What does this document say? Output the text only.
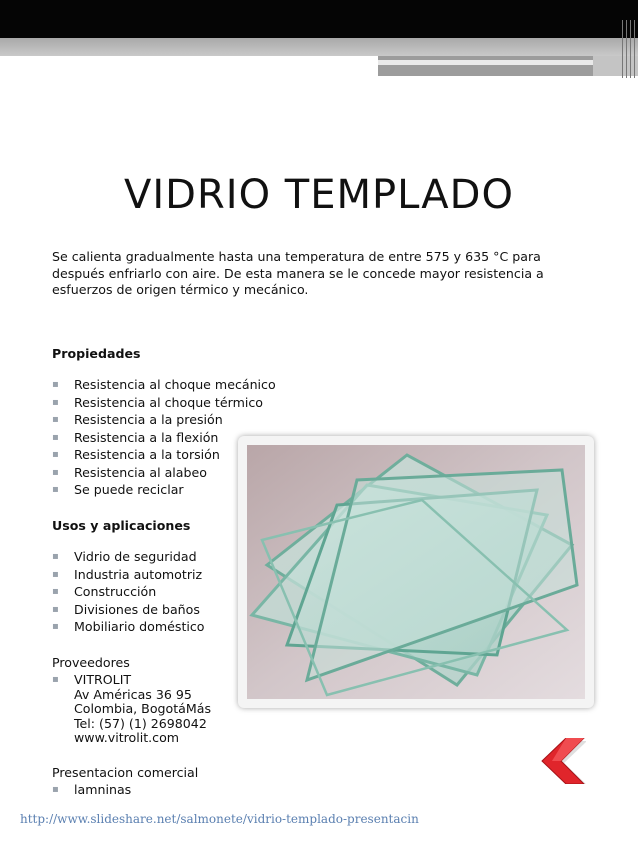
VIDRIO TEMPLADO
Se calienta gradualmente hasta una temperatura de entre 575 y 635 °C para después enfriarlo con aire. De esta manera se le concede mayor resistencia a esfuerzos de origen térmico y mecánico.
Propiedades
▪ Resistencia al choque mecánico
▪ Resistencia al choque térmico
▪ Resistencia a la presión
▪ Resistencia a la flexión
▪ Resistencia a la torsión
▪ Resistencia al alabeo
▪ Se puede reciclar
Usos y aplicaciones
▪ Vidrio de seguridad
▪ Industria automotriz
▪ Construcción
▪ Divisiones de baños
▪ Mobiliario doméstico
Proveedores
▪ VITROLIT
Av Américas 36 95
Colombia, BogotáMás
Tel: (57) (1) 2698042
www.vitrolit.com
Presentacion comercial
▪ lamninas
http://www.slideshare.net/salmonete/vidrio-templado-presentacin
